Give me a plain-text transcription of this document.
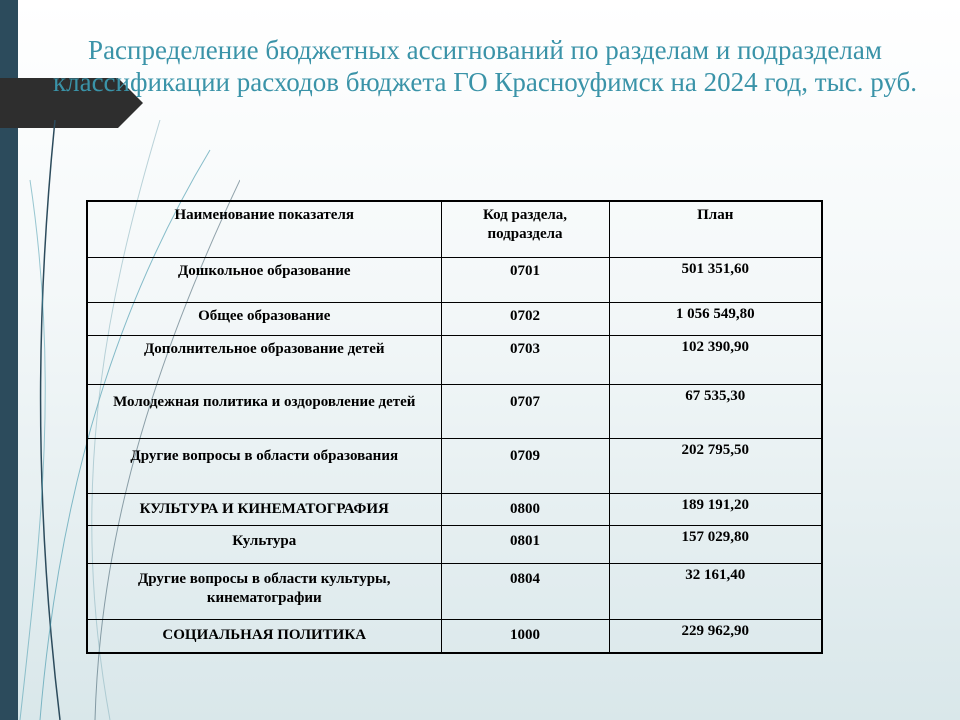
Распределение бюджетных ассигнований по разделам и подразделам классификации расходов бюджета ГО Красноуфимск на 2024 год, тыс. руб.
Наименование показателя	Код раздела, подраздела	План
Дошкольное образование	0701	501 351,60
Общее образование	0702	1 056 549,80
Дополнительное образование детей	0703	102 390,90
Молодежная политика и оздоровление детей	0707	67 535,30
Другие вопросы в области образования	0709	202 795,50
КУЛЬТУРА И КИНЕМАТОГРАФИЯ	0800	189 191,20
Культура	0801	157 029,80
Другие вопросы в области культуры, кинематографии	0804	32 161,40
СОЦИАЛЬНАЯ ПОЛИТИКА	1000	229 962,90
